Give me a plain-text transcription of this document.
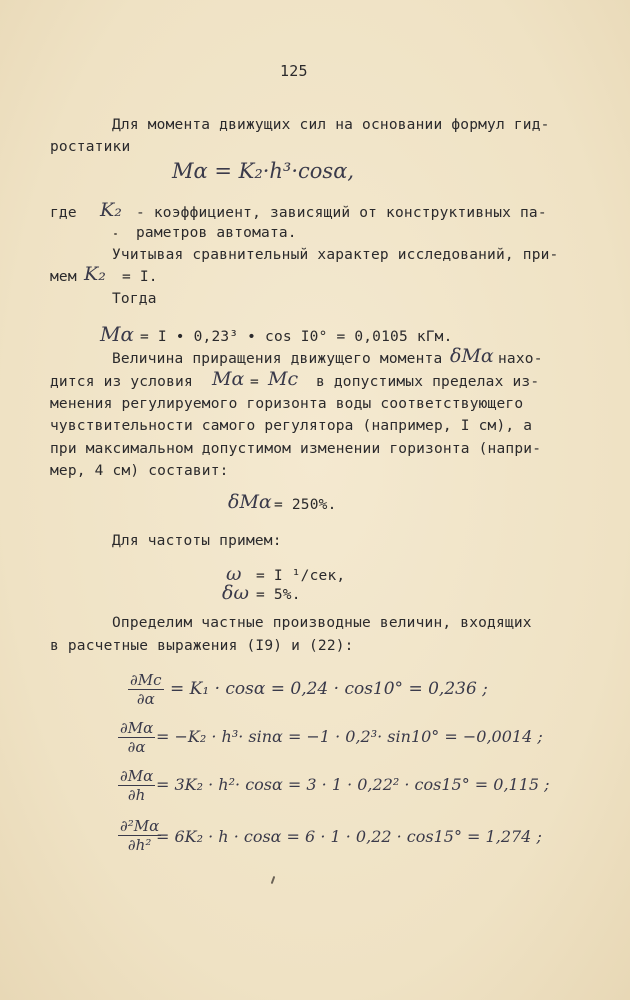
125
Для момента движущих сил на основании формул гид-
ростатики
Mα = K₂·h³·cosα,
где K₂ - коэффициент, зависящий от конструктивных па-
раметров автомата.
Учитывая сравнительный характер исследований, при-
мем K₂ = I.
Тогда
Mα = I • 0,23³ • cos I0° = 0,0105 кГм.
Величина приращения движущего момента δMα нахо-
дится из условия Mα = Mc в допустимых пределах из-
менения регулируемого горизонта воды соответствующего
чувствительности самого регулятора (например, I см), а
при максимальном допустимом изменении горизонта (напри-
мер, 4 см) составит:
δMα = 250%.
Для частоты примем:
ω = I ¹/сек,
δω = 5%.
Определим частные производные величин, входящих
в расчетные выражения (I9) и (22):
$\frac{\partial Mc}{\partial\alpha} = K_1 \cdot \cos\alpha = 0,24 \cdot \cos 10^\circ = 0,236$ ;
$\frac{\partial M\alpha}{\partial\alpha} = -K_2 \cdot h^3\cdot \sin\alpha = -1 \cdot 0,2^3\cdot \sin 10^\circ = -0,0014$ ;
$\frac{\partial M\alpha}{\partial h} = 3K_2 \cdot h^2\cdot \cos\alpha = 3 \cdot 1 \cdot 0,22^2 \cdot \cos 15^\circ = 0,115$ ;
$\frac{\text{∂²Mα}}{\text{∂h²}}$
= 6K₂ · h · cosα = 6 · 1 · 0,22 · cos15° = 1,274 ;
